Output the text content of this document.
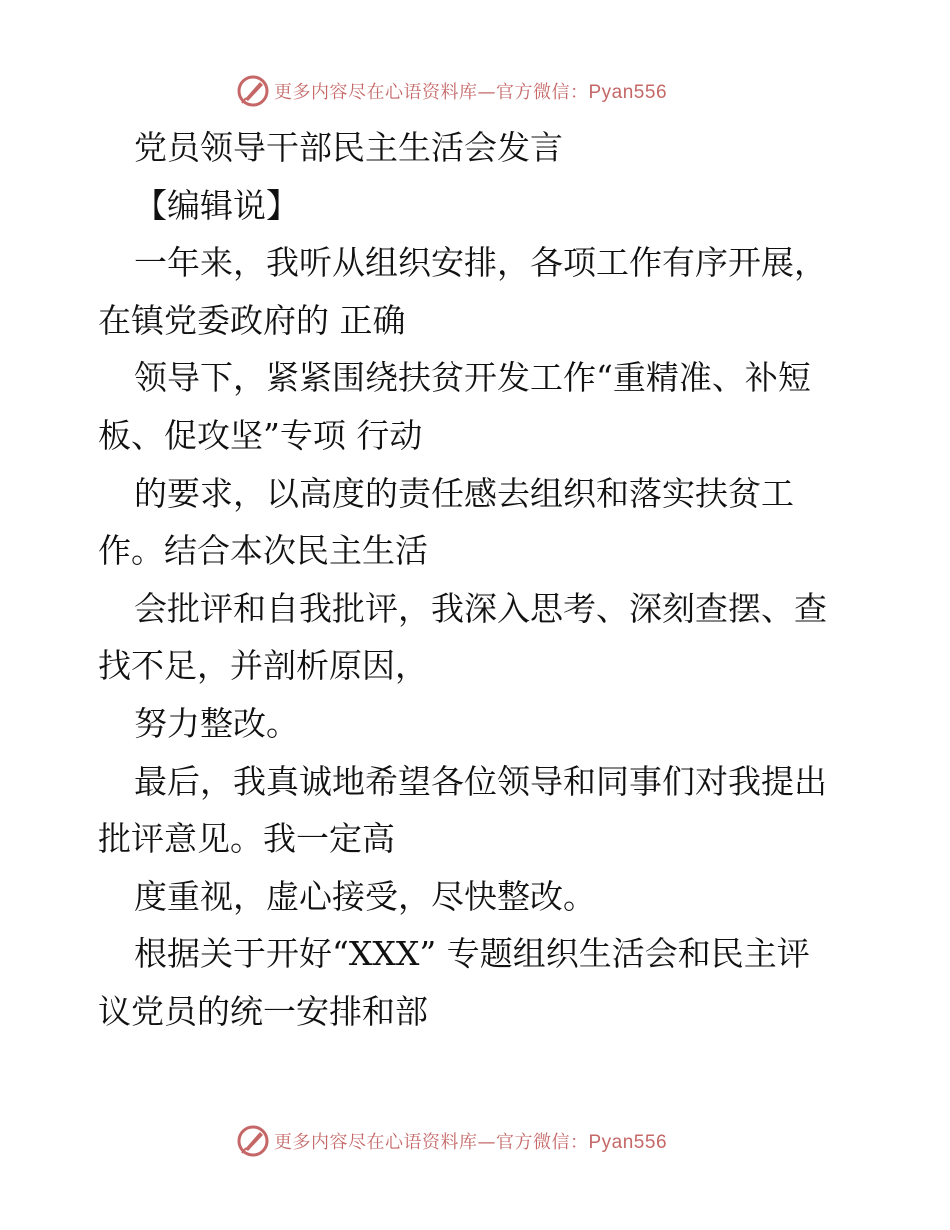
更多内容尽在心语资料库—官方微信：Pyan556
党员领导干部民主生活会发言
【编辑说】
一年来，我听从组织安排，各项工作有序开展，
在镇党委政府的 正确
领导下，紧紧围绕扶贫开发工作“重精准、补短
板、促攻坚”专项 行动
的要求，以高度的责任感去组织和落实扶贫工
作。结合本次民主生活
会批评和自我批评，我深入思考、深刻查摆、查
找不足，并剖析原因，
努力整改。
最后，我真诚地希望各位领导和同事们对我提出
批评意见。我一定高
度重视，虚心接受，尽快整改。
根据关于开好“XXX” 专题组织生活会和民主评
议党员的统一安排和部
更多内容尽在心语资料库—官方微信：Pyan556
